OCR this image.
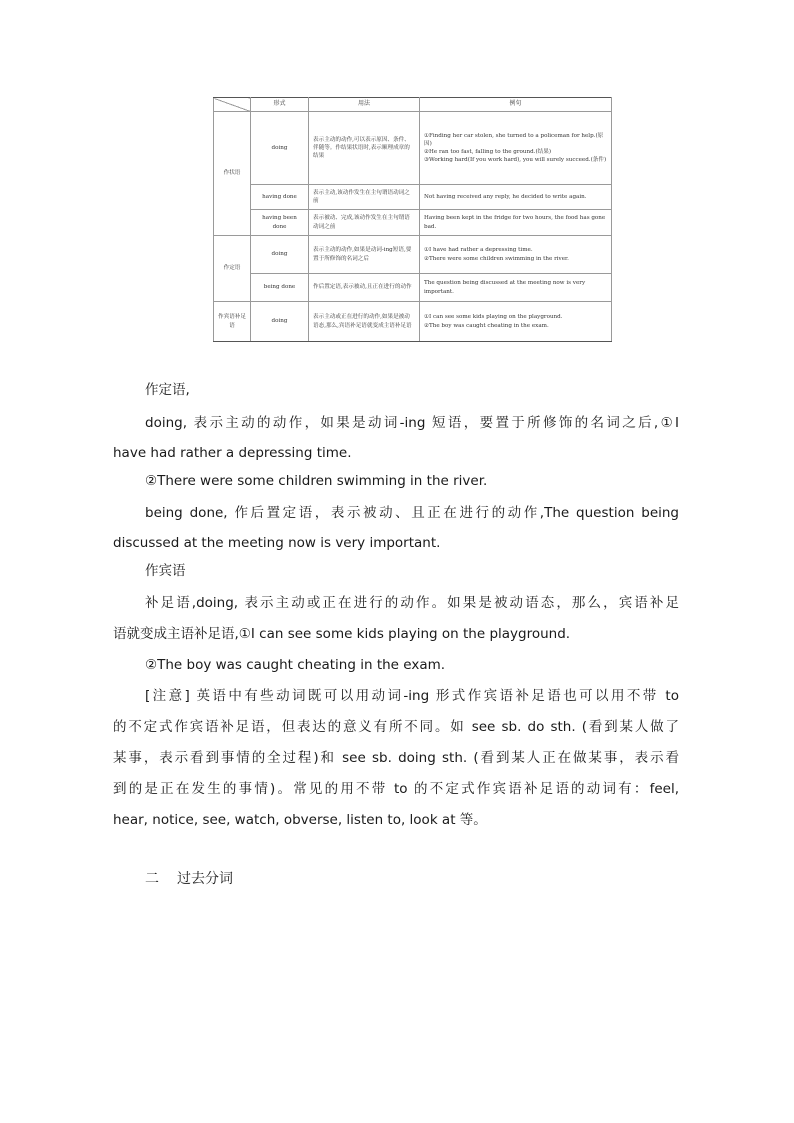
	形式	用法	例句
作状语	doing	表示主动的动作,可以表示原因、条件、伴随等。作结果状语时,表示顺理成章的结果	①Finding her car stolen, she turned to a policeman for help.(原因)
②He ran too fast, falling to the ground.(结果)
③Working hard(If you work hard), you will surely succeed.(条件)

	having done	表示主动,该动作发生在主句谓语动词之前	Not having received any reply, he decided to write again.
	having been done	表示被动、完成,该动作发生在主句谓语动词之前	Having been kept in the fridge for two hours, the food has gone bad.
作定语	doing	表示主动的动作,如果是动词-ing短语,要置于所修饰的名词之后	①I have had rather a depressing time.
②There were some children swimming in the river.

	being done	作后置定语,表示被动,且正在进行的动作	The question being discussed at the meeting now is very important.
作宾语补足语	doing	表示主动或正在进行的动作,如果是被动语态,那么,宾语补足语就变成主语补足语	①I can see some kids playing on the playground.
②The boy was caught cheating in the exam.
作定语,
doing, 表示主动的动作，如果是动词-ing 短语，要置于所修饰的名词之后,①I
have had rather a depressing time.
②There were some children swimming in the river.
being done, 作后置定语，表示被动、且正在进行的动作,The question being
discussed at the meeting now is very important.
作宾语
补足语,doing, 表示主动或正在进行的动作。如果是被动语态，那么，宾语补足
语就变成主语补足语,①I can see some kids playing on the playground.
②The boy was caught cheating in the exam.
[注意] 英语中有些动词既可以用动词-ing 形式作宾语补足语也可以用不带 to
的不定式作宾语补足语，但表达的意义有所不同。如 see sb. do sth. (看到某人做了
某事，表示看到事情的全过程)和 see sb. doing sth. (看到某人正在做某事，表示看
到的是正在发生的事情)。常见的用不带 to 的不定式作宾语补足语的动词有：feel,
hear, notice, see, watch, obverse, listen to, look at 等。
二 过去分词
